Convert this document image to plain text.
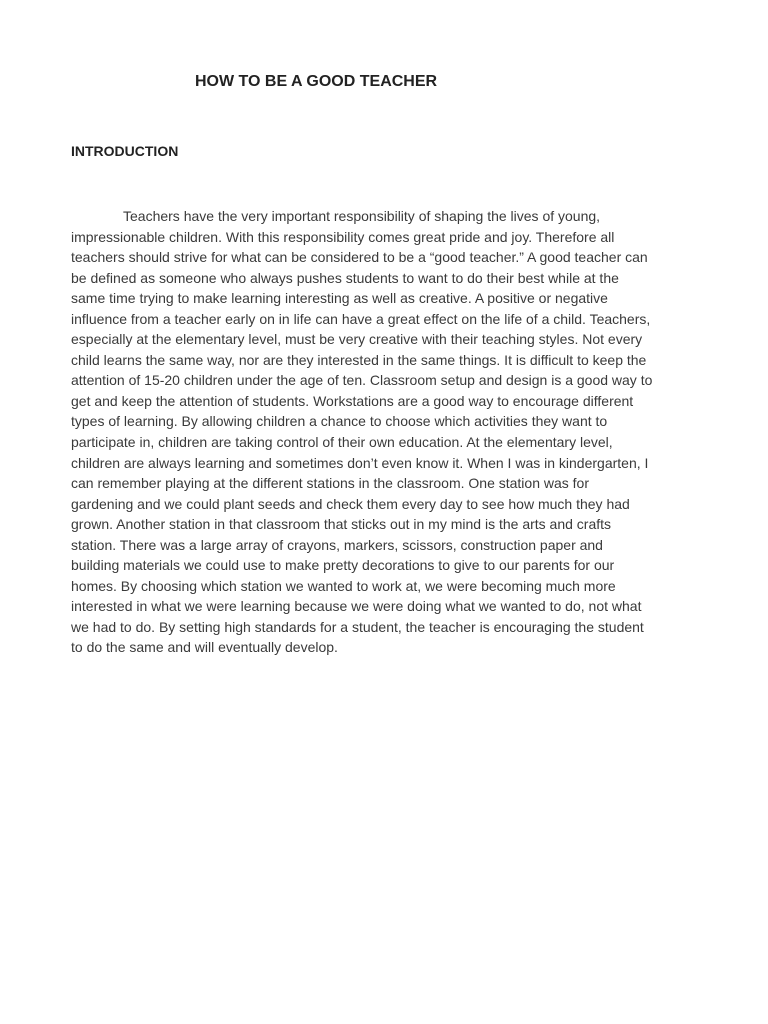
HOW TO BE A GOOD TEACHER
INTRODUCTION

Teachers have the very important responsibility of shaping the lives of young,
impressionable children. With this responsibility comes great pride and joy. Therefore all
teachers should strive for what can be considered to be a “good teacher.” A good teacher can
be defined as someone who always pushes students to want to do their best while at the
same time trying to make learning interesting as well as creative. A positive or negative
influence from a teacher early on in life can have a great effect on the life of a child. Teachers,
especially at the elementary level, must be very creative with their teaching styles. Not every
child learns the same way, nor are they interested in the same things. It is difficult to keep the
attention of 15-20 children under the age of ten. Classroom setup and design is a good way to
get and keep the attention of students. Workstations are a good way to encourage different
types of learning. By allowing children a chance to choose which activities they want to
participate in, children are taking control of their own education. At the elementary level,
children are always learning and sometimes don’t even know it. When I was in kindergarten, I
can remember playing at the different stations in the classroom. One station was for
gardening and we could plant seeds and check them every day to see how much they had
grown. Another station in that classroom that sticks out in my mind is the arts and crafts
station. There was a large array of crayons, markers, scissors, construction paper and
building materials we could use to make pretty decorations to give to our parents for our
homes. By choosing which station we wanted to work at, we were becoming much more
interested in what we were learning because we were doing what we wanted to do, not what
we had to do. By setting high standards for a student, the teacher is encouraging the student
to do the same and will eventually develop.
